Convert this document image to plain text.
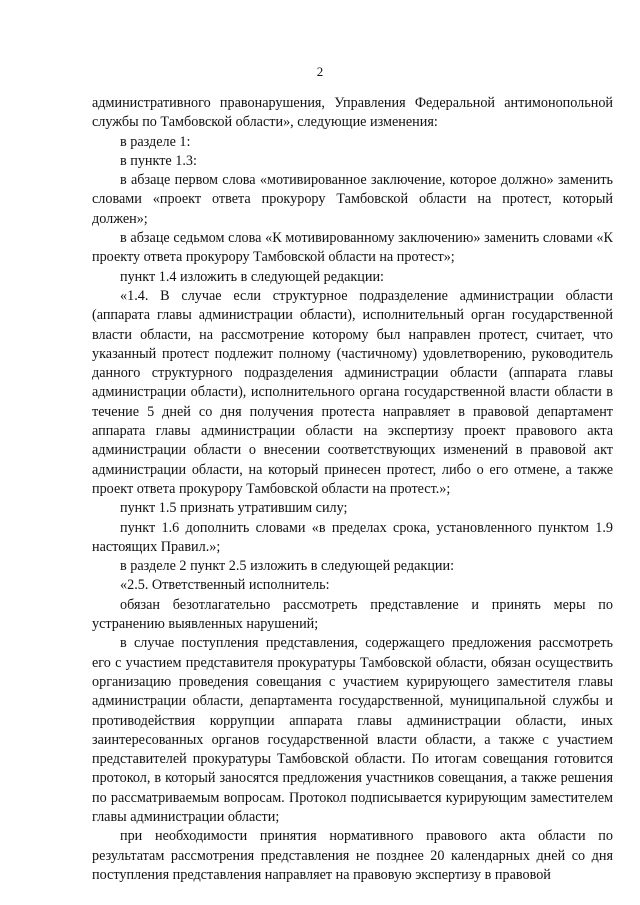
2

административного правонарушения, Управления Федеральной антимонопольной службы по Тамбовской области», следующие изменения:

в разделе 1:

в пункте 1.3:

в абзаце первом слова «мотивированное заключение, которое должно» заменить словами «проект ответа прокурору Тамбовской области на протест, который должен»;

в абзаце седьмом слова «К мотивированному заключению» заменить словами «К проекту ответа прокурору Тамбовской области на протест»;

пункт 1.4 изложить в следующей редакции:

«1.4. В случае если структурное подразделение администрации области (аппарата главы администрации области), исполнительный орган государственной власти области, на рассмотрение которому был направлен протест, считает, что указанный протест подлежит полному (частичному) удовлетворению, руководитель данного структурного подразделения администрации области (аппарата главы администрации области), исполнительного органа государственной власти области в течение 5 дней со дня получения протеста направляет в правовой департамент аппарата главы администрации области на экспертизу проект правового акта администрации области о внесении соответствующих изменений в правовой акт администрации области, на который принесен протест, либо о его отмене, а также проект ответа прокурору Тамбовской области на протест.»;

пункт 1.5 признать утратившим силу;

пункт 1.6 дополнить словами «в пределах срока, установленного пунктом 1.9 настоящих Правил.»;

в разделе 2 пункт 2.5 изложить в следующей редакции:

«2.5. Ответственный исполнитель:

обязан безотлагательно рассмотреть представление и принять меры по устранению выявленных нарушений;

в случае поступления представления, содержащего предложения рассмотреть его с участием представителя прокуратуры Тамбовской области, обязан осуществить организацию проведения совещания с участием курирующего заместителя главы администрации области, департамента государственной, муниципальной службы и противодействия коррупции аппарата главы администрации области, иных заинтересованных органов государственной власти области, а также с участием представителей прокуратуры Тамбовской области. По итогам совещания готовится протокол, в который заносятся предложения участников совещания, а также решения по рассматриваемым вопросам. Протокол подписывается курирующим заместителем главы администрации области;

при необходимости принятия нормативного правового акта области по результатам рассмотрения представления не позднее 20 календарных дней со дня поступления представления направляет на правовую экспертизу в правовой
